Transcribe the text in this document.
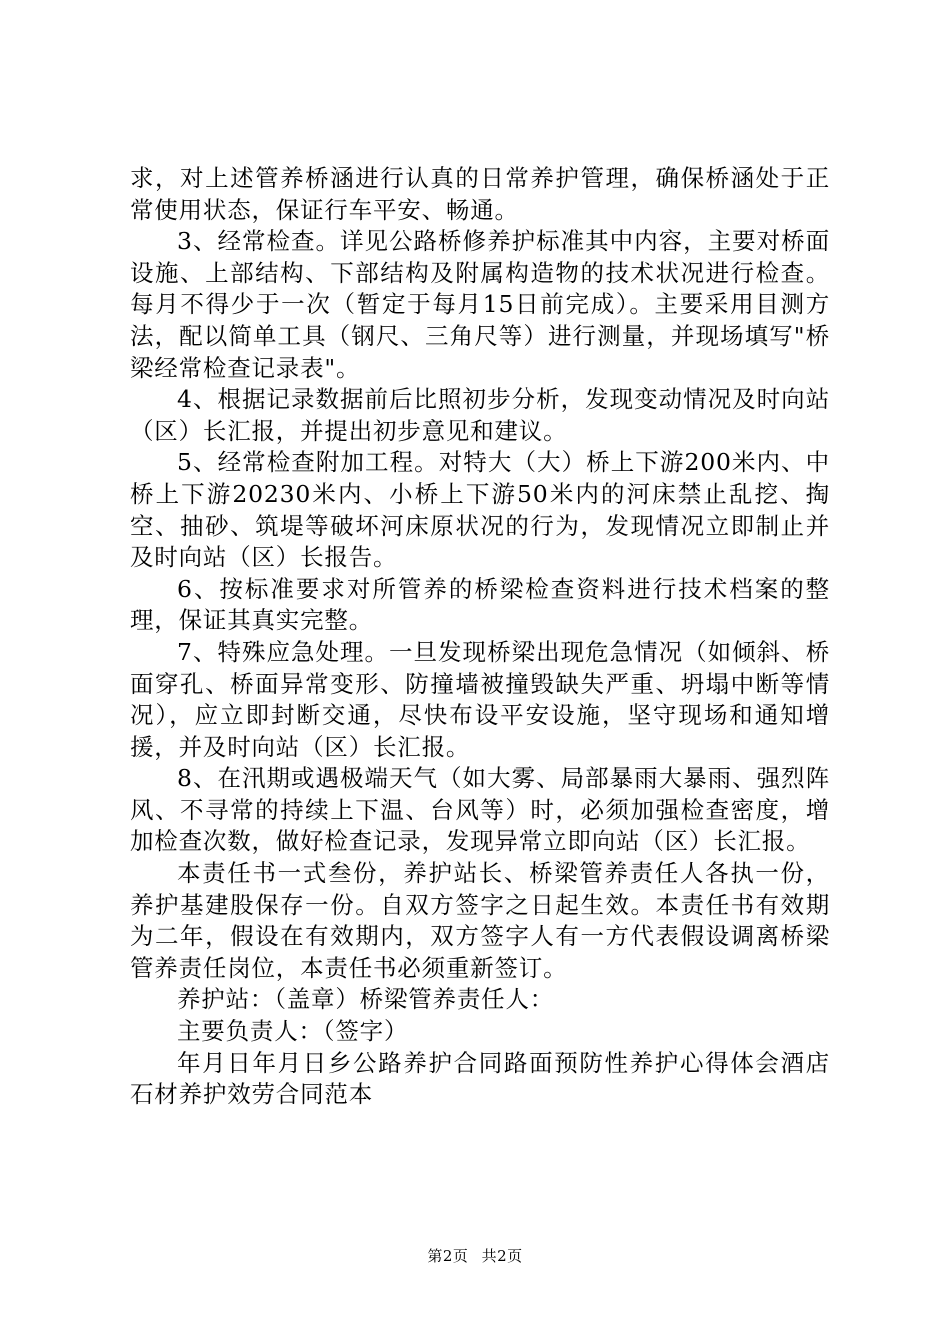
求，对上述管养桥涵进行认真的日常养护管理，确保桥涵处于正常使用状态，保证行车平安、畅通。

3、经常检查。详见公路桥修养护标准其中内容，主要对桥面设施、上部结构、下部结构及附属构造物的技术状况进行检查。每月不得少于一次（暂定于每月15日前完成）。主要采用目测方法，配以简单工具（钢尺、三角尺等）进行测量，并现场填写"桥梁经常检查记录表"。

4、根据记录数据前后比照初步分析，发现变动情况及时向站（区）长汇报，并提出初步意见和建议。

5、经常检查附加工程。对特大（大）桥上下游200米内、中桥上下游20230米内、小桥上下游50米内的河床禁止乱挖、掏空、抽砂、筑堤等破坏河床原状况的行为，发现情况立即制止并及时向站（区）长报告。

6、按标准要求对所管养的桥梁检查资料进行技术档案的整理，保证其真实完整。

7、特殊应急处理。一旦发现桥梁出现危急情况（如倾斜、桥面穿孔、桥面异常变形、防撞墙被撞毁缺失严重、坍塌中断等情况），应立即封断交通，尽快布设平安设施，坚守现场和通知增援，并及时向站（区）长汇报。

8、在汛期或遇极端天气（如大雾、局部暴雨大暴雨、强烈阵风、不寻常的持续上下温、台风等）时，必须加强检查密度，增加检查次数，做好检查记录，发现异常立即向站（区）长汇报。

本责任书一式叁份，养护站长、桥梁管养责任人各执一份，养护基建股保存一份。自双方签字之日起生效。本责任书有效期为二年，假设在有效期内，双方签字人有一方代表假设调离桥梁管养责任岗位，本责任书必须重新签订。

养护站：（盖章）桥梁管养责任人：

主要负责人：（签字）

年月日年月日乡公路养护合同路面预防性养护心得体会酒店石材养护效劳合同范本

第2页 共2页
